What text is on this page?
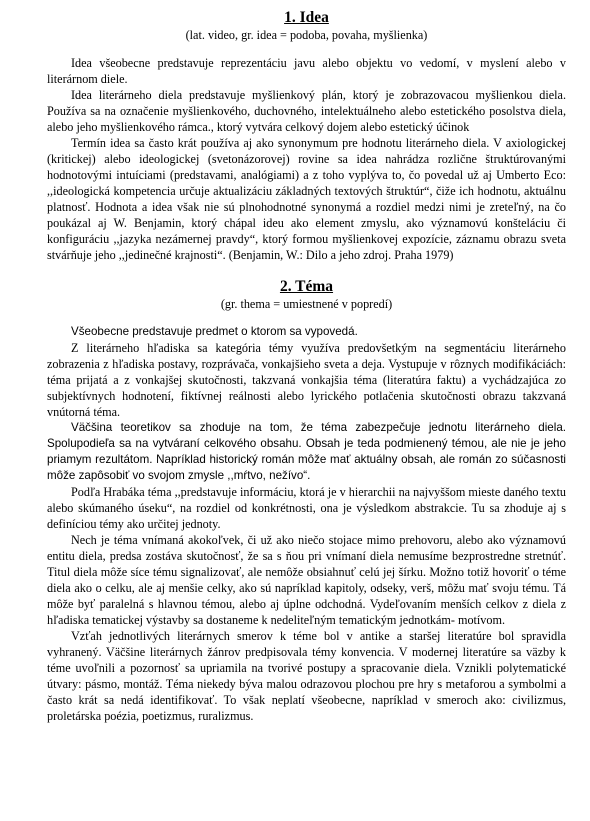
1. Idea
(lat. video, gr. idea = podoba, povaha, myšlienka)

Idea všeobecne predstavuje reprezentáciu javu alebo objektu vo vedomí, v myslení alebo v literárnom diele.

Idea literárneho diela predstavuje myšlienkový plán, ktorý je zobrazovacou myšlienkou diela. Používa sa na označenie myšlienkového, duchovného, intelektuálneho alebo estetického posolstva diela, alebo jeho myšlienkového rámca., ktorý vytvára celkový dojem alebo estetický účinok

Termín idea sa často krát používa aj ako synonymum pre hodnotu literárneho diela. V axiologickej (kritickej) alebo ideologickej (svetonázorovej) rovine sa idea nahrádza rozlične štruktúrovanými hodnotovými intuíciami (predstavami, analógiami) a z toho vyplýva to, čo povedal už aj Umberto Eco: ,,ideologická kompetencia určuje aktualizáciu základných textových štruktúr“, čiže ich hodnotu, aktuálnu platnosť. Hodnota a idea však nie sú plnohodnotné synonymá a rozdiel medzi nimi je zreteľný, na čo poukázal aj W. Benjamin, ktorý chápal ideu ako element zmyslu, ako významovú konšteláciu či konfiguráciu ,,jazyka nezámernej pravdy“, ktorý formou myšlienkovej expozície, záznamu obrazu sveta stvárňuje jeho ,,jedinečné krajnosti“. (Benjamin, W.: Dilo a jeho zdroj. Praha 1979)

2. Téma
(gr. thema = umiestnené v popredí)

Všeobecne predstavuje predmet o ktorom sa vypovedá.

Z literárneho hľadiska sa kategória témy využíva predovšetkým na segmentáciu literárneho zobrazenia z hľadiska postavy, rozprávača, vonkajšieho sveta a deja. Vystupuje v rôznych modifikáciách: téma prijatá a z vonkajšej skutočnosti, takzvaná vonkajšia téma (literatúra faktu) a vychádzajúca zo subjektívnych hodnotení, fiktívnej reálnosti alebo lyrického potlačenia skutočnosti obrazu takzvaná vnútorná téma.

Väčšina teoretikov sa zhoduje na tom, že téma zabezpečuje jednotu literárneho diela. Spolupodieľa sa na vytváraní celkového obsahu. Obsah je teda podmienený témou, ale nie je jeho priamym rezultátom. Napríklad historický román môže mať aktuálny obsah, ale román zo súčasnosti môže zapôsobiť vo svojom zmysle ,,mŕtvo, nežívo“.

Podľa Hrabáka téma ,,predstavuje informáciu, ktorá je v hierarchii na najvyššom mieste daného textu alebo skúmaného úseku“, na rozdiel od konkrétnosti, ona je výsledkom abstrakcie. Tu sa zhoduje aj s definíciou témy ako určitej jednoty.

Nech je téma vnímaná akokoľvek, či už ako niečo stojace mimo prehovoru, alebo ako významovú entitu diela, predsa zostáva skutočnosť, že sa s ňou pri vnímaní diela nemusíme bezprostredne stretnúť. Titul diela môže síce tému signalizovať, ale nemôže obsiahnuť celú jej šírku. Možno totiž hovoriť o téme diela ako o celku, ale aj menšie celky, ako sú napríklad kapitoly, odseky, verš, môžu mať svoju tému. Tá môže byť paralelná s hlavnou témou, alebo aj úplne odchodná. Vydeľovaním menších celkov z diela z hľadiska tematickej výstavby sa dostaneme k nedeliteľným tematickým jednotkám- motívom.

Vzťah jednotlivých literárnych smerov k téme bol v antike a staršej literatúre bol spravidla vyhranený. Väčšine literárnych žánrov predpisovala témy konvencia. V modernej literatúre sa väzby k téme uvoľnili a pozornosť sa upriamila na tvorivé postupy a spracovanie diela. Vznikli polytematické útvary: pásmo, montáž. Téma niekedy býva malou odrazovou plochou pre hry s metaforou a symbolmi a často krát sa nedá identifikovať. To však neplatí všeobecne, napríklad v smeroch ako: civilizmus, proletárska poézia, poetizmus, ruralizmus.
